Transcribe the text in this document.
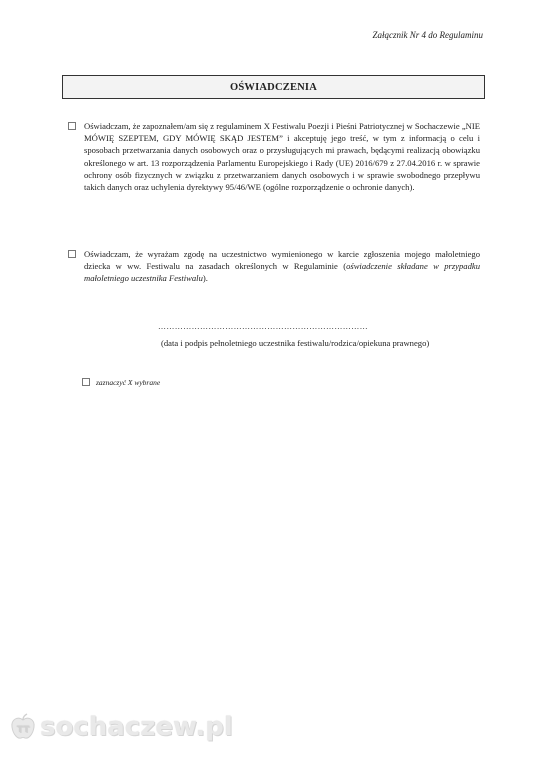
Załącznik Nr 4 do Regulaminu
OŚWIADCZENIA
Oświadczam, że zapoznałem/am się z regulaminem X Festiwalu Poezji i Pieśni Patriotycznej w Sochaczewie „NIE MÓWIĘ SZEPTEM, GDY MÓWIĘ SKĄD JESTEM” i akceptuję jego treść, w tym z informacją o celu i sposobach przetwarzania danych osobowych oraz o przysługujących mi prawach, będącymi realizacją obowiązku określonego w art. 13 rozporządzenia Parlamentu Europejskiego i Rady (UE) 2016/679 z 27.04.2016 r. w sprawie ochrony osób fizycznych w związku z przetwarzaniem danych osobowych i w sprawie swobodnego przepływu takich danych oraz uchylenia dyrektywy 95/46/WE (ogólne rozporządzenie o ochronie danych).
Oświadczam, że wyrażam zgodę na uczestnictwo wymienionego w karcie zgłoszenia mojego małoletniego dziecka w ww. Festiwalu na zasadach określonych w Regulaminie (oświadczenie składane w przypadku małoletniego uczestnika Festiwalu).
…………………………………………………………………
(data i podpis pełnoletniego uczestnika festiwalu/rodzica/opiekuna prawnego)
zaznaczyć X wybrane
TT sochaczew.pl
